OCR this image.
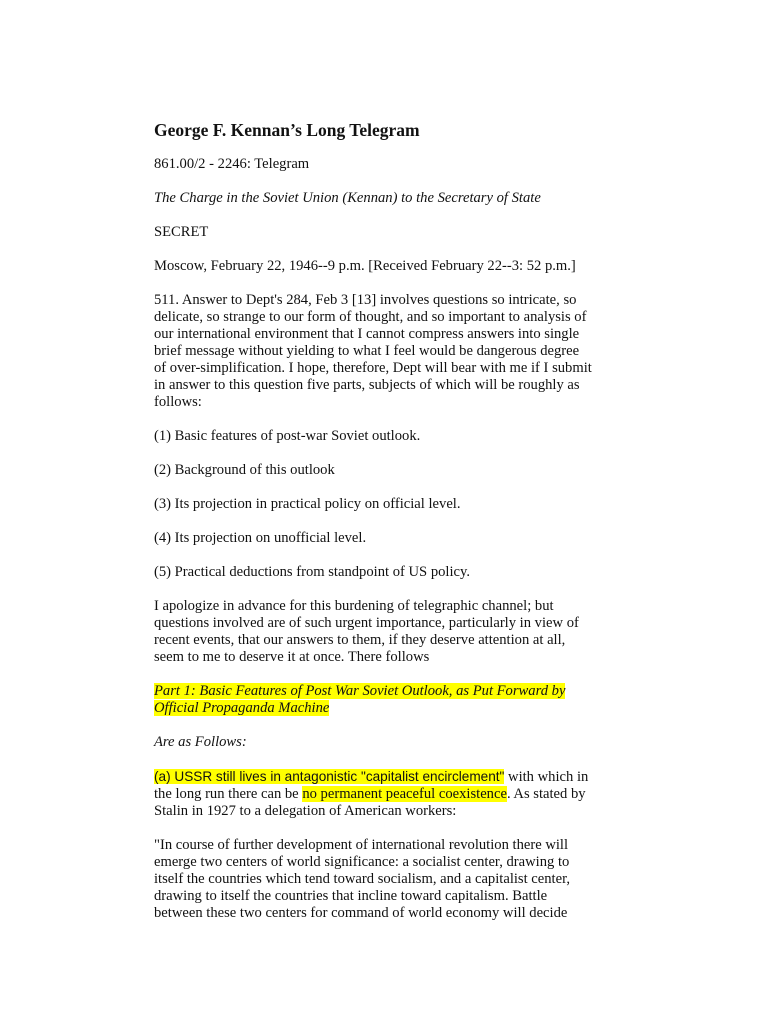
George F. Kennan’s Long Telegram

861.00/2 - 2246: Telegram

The Charge in the Soviet Union (Kennan) to the Secretary of State

SECRET

Moscow, February 22, 1946--9 p.m. [Received February 22--3: 52 p.m.]

511. Answer to Dept's 284, Feb 3 [13] involves questions so intricate, so
delicate, so strange to our form of thought, and so important to analysis of
our international environment that I cannot compress answers into single
brief message without yielding to what I feel would be dangerous degree
of over-simplification. I hope, therefore, Dept will bear with me if I submit
in answer to this question five parts, subjects of which will be roughly as
follows:

(1) Basic features of post-war Soviet outlook.

(2) Background of this outlook

(3) Its projection in practical policy on official level.

(4) Its projection on unofficial level.

(5) Practical deductions from standpoint of US policy.

I apologize in advance for this burdening of telegraphic channel; but
questions involved are of such urgent importance, particularly in view of
recent events, that our answers to them, if they deserve attention at all,
seem to me to deserve it at once. There follows

Part 1: Basic Features of Post War Soviet Outlook, as Put Forward by
Official Propaganda Machine

Are as Follows:

(a) USSR still lives in antagonistic "capitalist encirclement" with which in
the long run there can be no permanent peaceful coexistence. As stated by
Stalin in 1927 to a delegation of American workers:

"In course of further development of international revolution there will
emerge two centers of world significance: a socialist center, drawing to
itself the countries which tend toward socialism, and a capitalist center,
drawing to itself the countries that incline toward capitalism. Battle
between these two centers for command of world economy will decide
